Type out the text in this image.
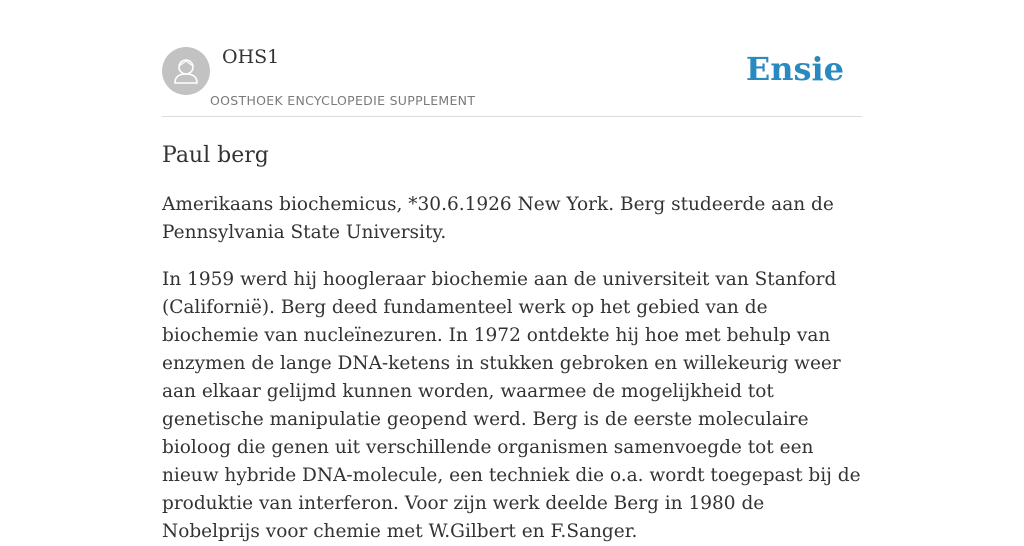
OHS1
OOSTHOEK ENCYCLOPEDIE SUPPLEMENT
Ensie
Paul berg

Amerikaans biochemicus, *30.6.1926 New York. Berg studeerde aan de Pennsylvania State University.

In 1959 werd hij hoogleraar biochemie aan de universiteit van Stanford (Californië). Berg deed fundamenteel werk op het gebied van de biochemie van nucleïnezuren. In 1972 ontdekte hij hoe met behulp van enzymen de lange DNA-ketens in stukken gebroken en willekeurig weer aan elkaar gelijmd kunnen worden, waarmee de mogelijkheid tot genetische manipulatie geopend werd. Berg is de eerste moleculaire bioloog die genen uit verschillende organismen samenvoegde tot een nieuw hybride DNA-molecule, een techniek die o.a. wordt toegepast bij de produktie van interferon. Voor zijn werk deelde Berg in 1980 de Nobelprijs voor chemie met W.Gilbert en F.Sanger.
